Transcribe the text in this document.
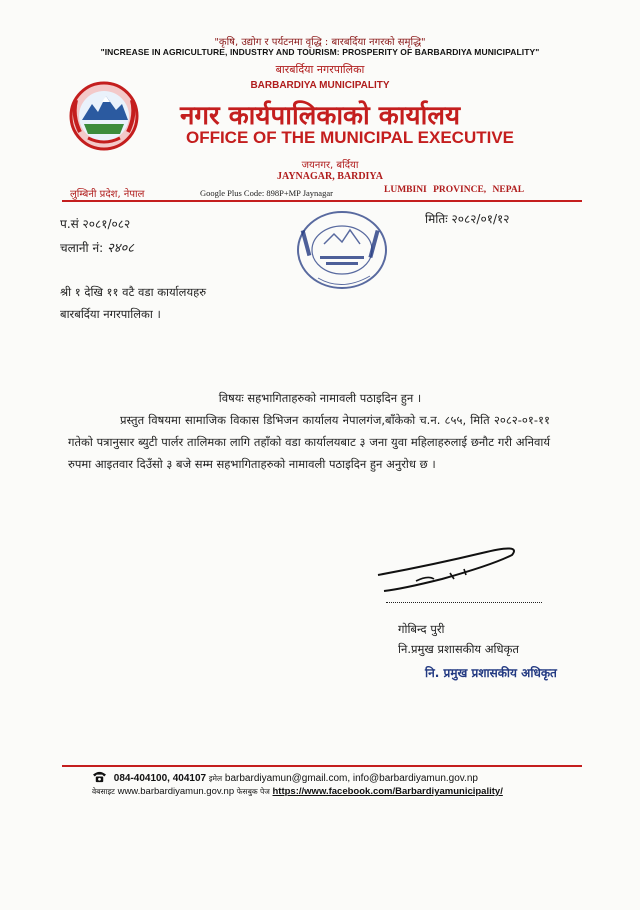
"कृषि, उद्योग र पर्यटनमा वृद्धि : बारबर्दिया नगरको समृद्धि"
"INCREASE IN AGRICULTURE, INDUSTRY AND TOURISM: PROSPERITY OF BARBARDIYA MUNICIPALITY"
बारबर्दिया नगरपालिका
BARBARDIYA MUNICIPALITY
नगर कार्यपालिकाको कार्यालय
OFFICE OF THE MUNICIPAL EXECUTIVE
जयनगर, बर्दिया
JAYNAGAR, BARDIYA
लुम्बिनी प्रदेश, नेपाल	Google Plus Code: 898P+MP Jaynagar	LUMBINI PROVINCE, NEPAL
प.सं २०८१/०८२
चलानी नं: २४०८
मितिः २०८२/०१/१२
श्री १ देखि ११ वटै वडा कार्यालयहरु
बारबर्दिया नगरपालिका ।
विषयः सहभागिताहरुको नामावली पठाइदिन हुन ।

प्रस्तुत विषयमा सामाजिक विकास डिभिजन कार्यालय नेपालगंज,बाँकेको च.न. ८५५, मिति २०८२-०१-११ गतेको पत्रानुसार ब्युटी पार्लर तालिमका लागि तहाँको वडा कार्यालयबाट ३ जना युवा महिलाहरुलाई छनौट गरी अनिवार्य रुपमा आइतवार दिउँसो ३ बजे सम्म सहभागिताहरुको नामावली पठाइदिन हुन अनुरोध छ ।

गोबिन्द पुरी
नि.प्रमुख प्रशासकीय अधिकृत
नि. प्रमुख प्रशासकीय अधिकृत
084-404100, 404107 इमेल barbardiyamun@gmail.com, info@barbardiyamun.gov.np
वेबसाइट www.barbardiyamun.gov.np फेसबुक पेज https://www.facebook.com/Barbardiyamunicipality/
